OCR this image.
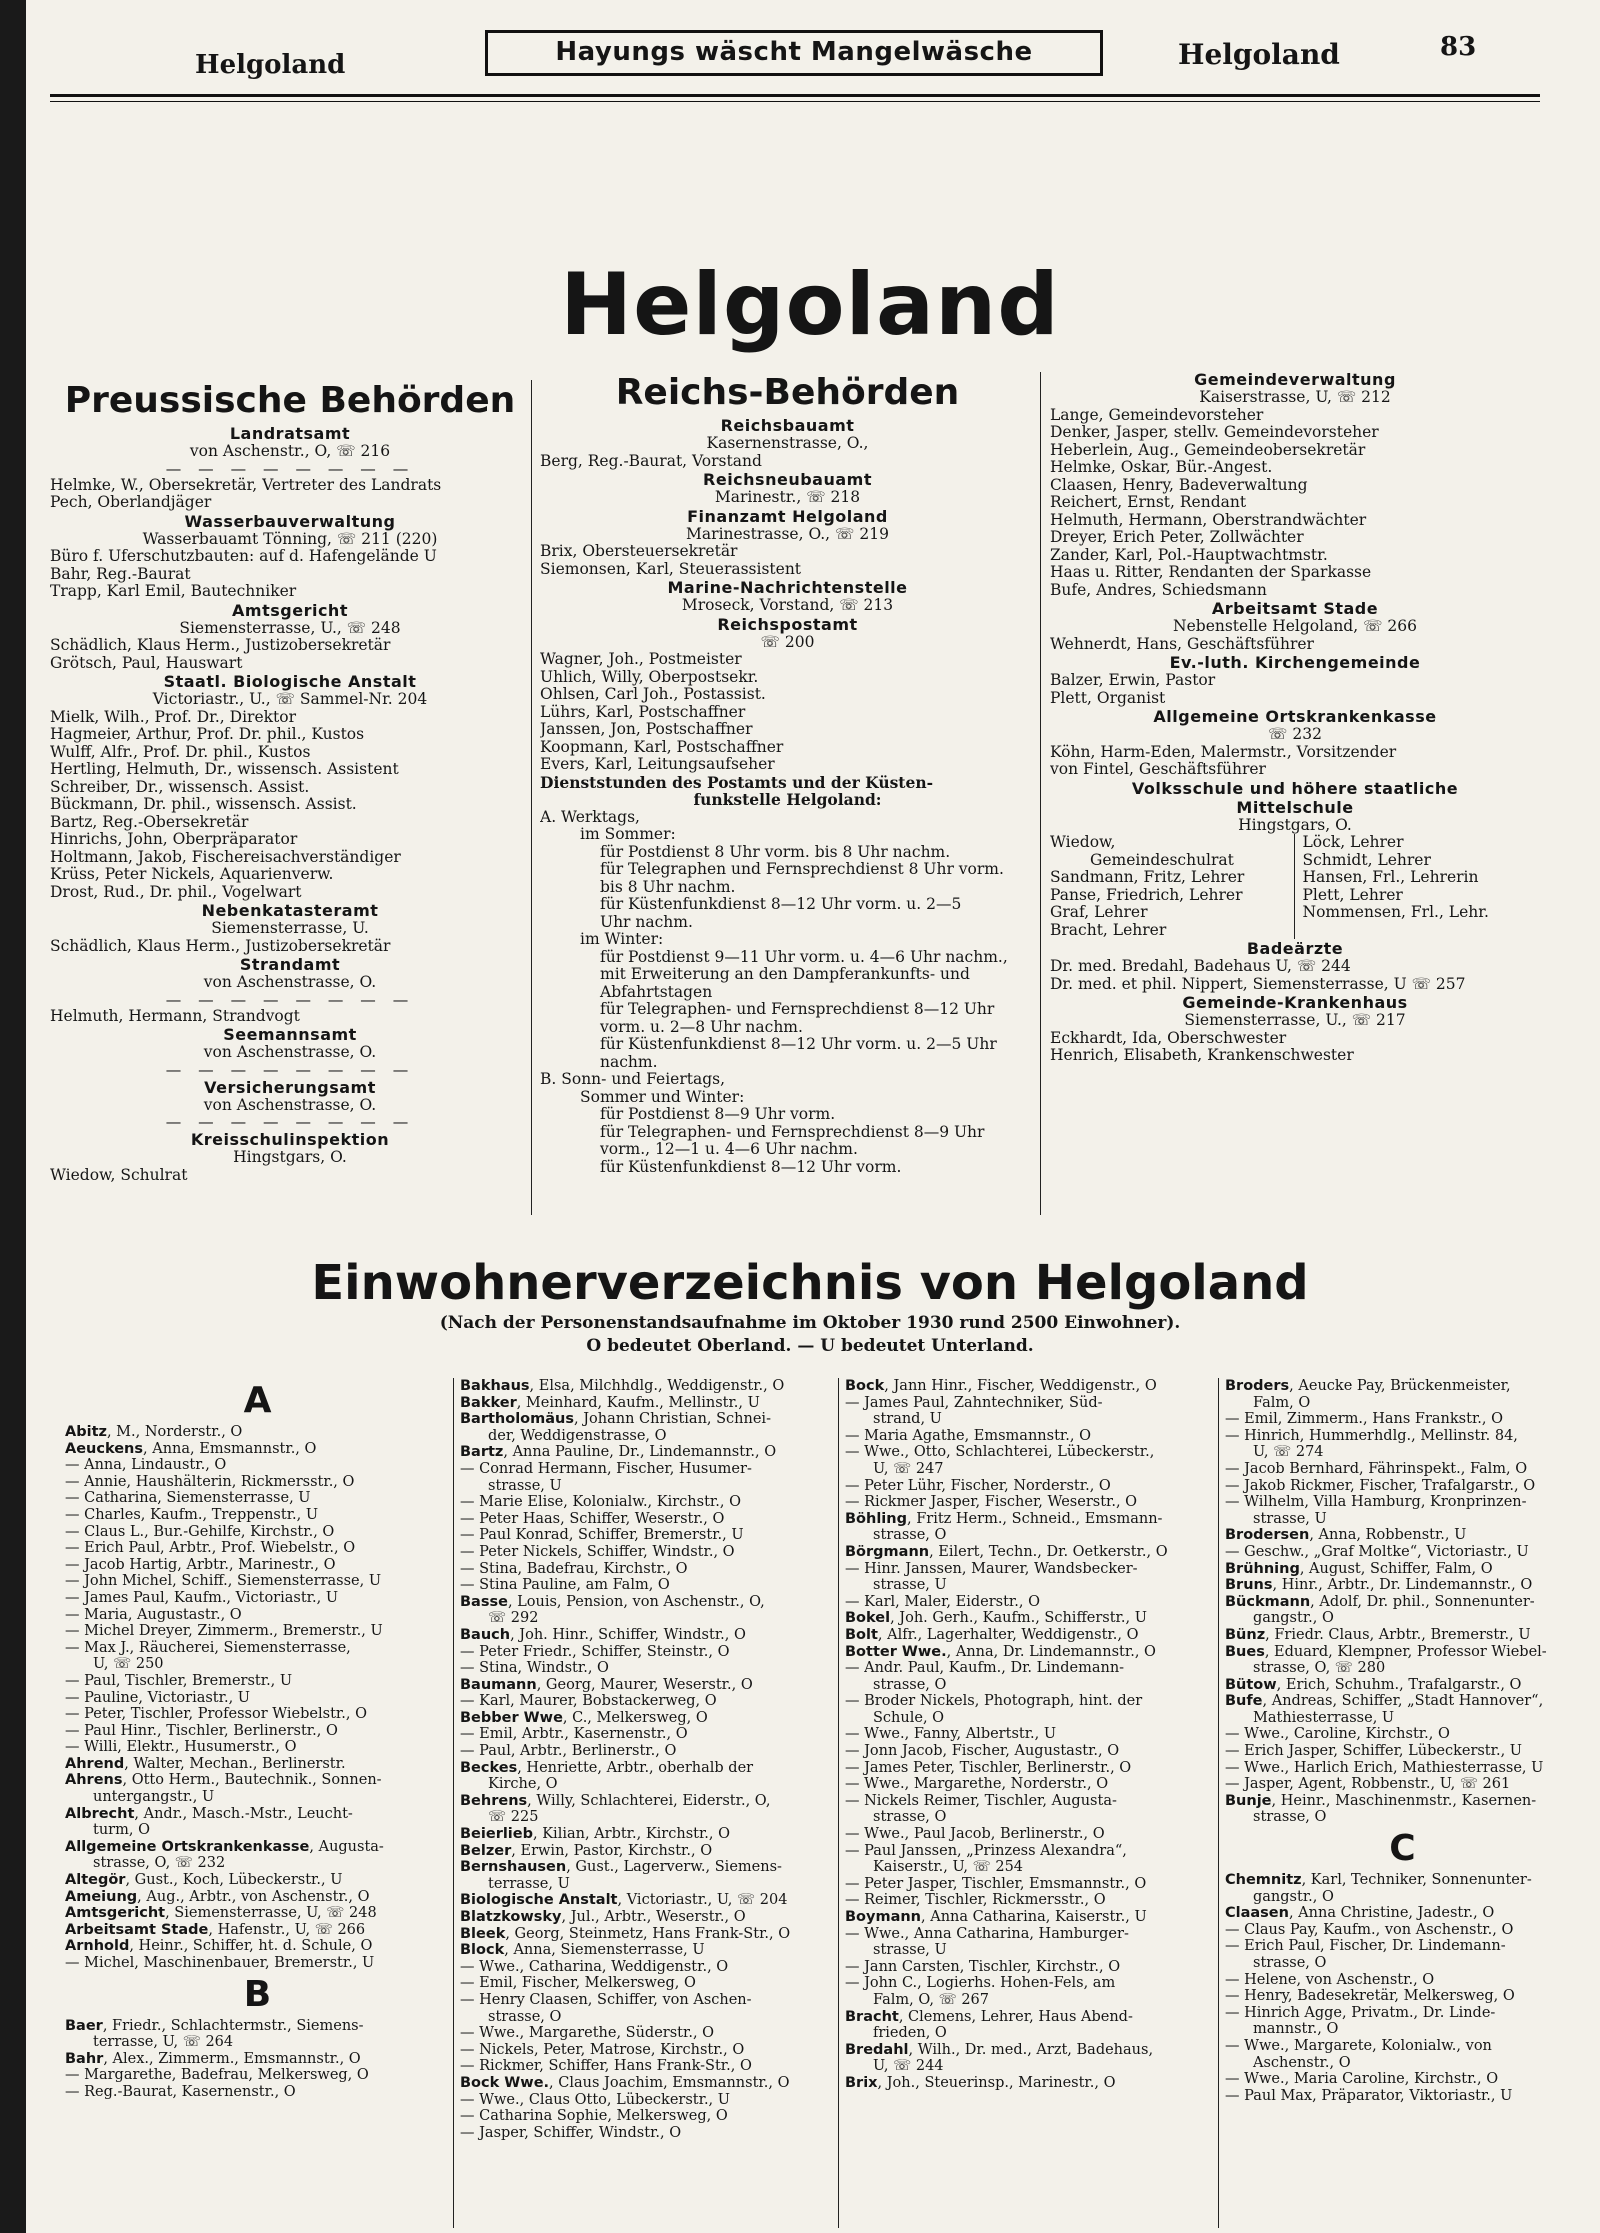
Helgoland	Hayungs wäscht Mangelwäsche	Helgoland	83
Helgoland
Preussische Behörden
Landratsamt
von Aschenstr., O, ☏ 216
— — — — — — — —
Helmke, W., Obersekretär, Vertreter des Landrats
Pech, Oberlandjäger
Wasserbauverwaltung
Wasserbauamt Tönning, ☏ 211 (220)
Büro f. Uferschutzbauten: auf d. Hafengelände U
Bahr, Reg.-Baurat
Trapp, Karl Emil, Bautechniker
Amtsgericht
Siemensterrasse, U., ☏ 248
Schädlich, Klaus Herm., Justizobersekretär
Grötsch, Paul, Hauswart
Staatl. Biologische Anstalt
Victoriastr., U., ☏ Sammel-Nr. 204
Mielk, Wilh., Prof. Dr., Direktor
Hagmeier, Arthur, Prof. Dr. phil., Kustos
Wulff, Alfr., Prof. Dr. phil., Kustos
Hertling, Helmuth, Dr., wissensch. Assistent
Schreiber, Dr., wissensch. Assist.
Bückmann, Dr. phil., wissensch. Assist.
Bartz, Reg.-Obersekretär
Hinrichs, John, Oberpräparator
Holtmann, Jakob, Fischereisachverständiger
Krüss, Peter Nickels, Aquarienverw.
Drost, Rud., Dr. phil., Vogelwart
Nebenkatasteramt
Siemensterrasse, U.
Schädlich, Klaus Herm., Justizobersekretär
Strandamt
von Aschenstrasse, O.
— — — — — — — —
Helmuth, Hermann, Strandvogt
Seemannsamt
von Aschenstrasse, O.
— — — — — — — —
Versicherungsamt
von Aschenstrasse, O.
— — — — — — — —
Kreisschulinspektion
Hingstgars, O.
Wiedow, Schulrat
Reichs-Behörden
Reichsbauamt
Kasernenstrasse, O.,
Berg, Reg.-Baurat, Vorstand
Reichsneubauamt
Marinestr., ☏ 218
Finanzamt Helgoland
Marinestrasse, O., ☏ 219
Brix, Obersteuersekretär
Siemonsen, Karl, Steuerassistent
Marine-Nachrichtenstelle
Mroseck, Vorstand, ☏ 213
Reichspostamt
☏ 200
Wagner, Joh., Postmeister
Uhlich, Willy, Oberpostsekr.
Ohlsen, Carl Joh., Postassist.
Lührs, Karl, Postschaffner
Janssen, Jon, Postschaffner
Koopmann, Karl, Postschaffner
Evers, Karl, Leitungsaufseher
Dienststunden des Postamts und der Küsten-
funkstelle Helgoland:
A. Werktags,
im Sommer:
für Postdienst 8 Uhr vorm. bis 8 Uhr nachm.
für Telegraphen und Fernsprechdienst 8 Uhr vorm.
bis 8 Uhr nachm.
für Küstenfunkdienst 8—12 Uhr vorm. u. 2—5
Uhr nachm.
im Winter:
für Postdienst 9—11 Uhr vorm. u. 4—6 Uhr nachm.,
mit Erweiterung an den Dampferankunfts- und
Abfahrtstagen
für Telegraphen- und Fernsprechdienst 8—12 Uhr
vorm. u. 2—8 Uhr nachm.
für Küstenfunkdienst 8—12 Uhr vorm. u. 2—5 Uhr
nachm.
B. Sonn- und Feiertags,
Sommer und Winter:
für Postdienst 8—9 Uhr vorm.
für Telegraphen- und Fernsprechdienst 8—9 Uhr
vorm., 12—1 u. 4—6 Uhr nachm.
für Küstenfunkdienst 8—12 Uhr vorm.
Gemeindeverwaltung
Kaiserstrasse, U, ☏ 212
Lange, Gemeindevorsteher
Denker, Jasper, stellv. Gemeindevorsteher
Heberlein, Aug., Gemeindeobersekretär
Helmke, Oskar, Bür.-Angest.
Claasen, Henry, Badeverwaltung
Reichert, Ernst, Rendant
Helmuth, Hermann, Oberstrandwächter
Dreyer, Erich Peter, Zollwächter
Zander, Karl, Pol.-Hauptwachtmstr.
Haas u. Ritter, Rendanten der Sparkasse
Bufe, Andres, Schiedsmann
Arbeitsamt Stade
Nebenstelle Helgoland, ☏ 266
Wehnerdt, Hans, Geschäftsführer
Ev.-luth. Kirchengemeinde
Balzer, Erwin, Pastor
Plett, Organist
Allgemeine Ortskrankenkasse
☏ 232
Köhn, Harm-Eden, Malermstr., Vorsitzender
von Fintel, Geschäftsführer
Volksschule und höhere staatliche
Mittelschule
Hingstgars, O.
Wiedow,
Gemeindeschulrat
Sandmann, Fritz, Lehrer
Panse, Friedrich, Lehrer
Graf, Lehrer
Bracht, Lehrer
Löck, Lehrer
Schmidt, Lehrer
Hansen, Frl., Lehrerin
Plett, Lehrer
Nommensen, Frl., Lehr.
Badeärzte
Dr. med. Bredahl, Badehaus U, ☏ 244
Dr. med. et phil. Nippert, Siemensterrasse, U ☏ 257
Gemeinde-Krankenhaus
Siemensterrasse, U., ☏ 217
Eckhardt, Ida, Oberschwester
Henrich, Elisabeth, Krankenschwester
Einwohnerverzeichnis von Helgoland
(Nach der Personenstandsaufnahme im Oktober 1930 rund 2500 Einwohner).
O bedeutet Oberland. — U bedeutet Unterland.
A
Abitz, M., Norderstr., O
Aeuckens, Anna, Emsmannstr., O
— Anna, Lindaustr., O
— Annie, Haushälterin, Rickmersstr., O
— Catharina, Siemensterrasse, U
— Charles, Kaufm., Treppenstr., U
— Claus L., Bur.-Gehilfe, Kirchstr., O
— Erich Paul, Arbtr., Prof. Wiebelstr., O
— Jacob Hartig, Arbtr., Marinestr., O
— John Michel, Schiff., Siemensterrasse, U
— James Paul, Kaufm., Victoriastr., U
— Maria, Augustastr., O
— Michel Dreyer, Zimmerm., Bremerstr., U
— Max J., Räucherei, Siemensterrasse,
U, ☏ 250
— Paul, Tischler, Bremerstr., U
— Pauline, Victoriastr., U
— Peter, Tischler, Professor Wiebelstr., O
— Paul Hinr., Tischler, Berlinerstr., O
— Willi, Elektr., Husumerstr., O
Ahrend, Walter, Mechan., Berlinerstr.
Ahrens, Otto Herm., Bautechnik., Sonnen-
untergangstr., U
Albrecht, Andr., Masch.-Mstr., Leucht-
turm, O
Allgemeine Ortskrankenkasse, Augusta-
strasse, O, ☏ 232
Altegör, Gust., Koch, Lübeckerstr., U
Ameiung, Aug., Arbtr., von Aschenstr., O
Amtsgericht, Siemensterrasse, U, ☏ 248
Arbeitsamt Stade, Hafenstr., U, ☏ 266
Arnhold, Heinr., Schiffer, ht. d. Schule, O
— Michel, Maschinenbauer, Bremerstr., U
B
Baer, Friedr., Schlachtermstr., Siemens-
terrasse, U, ☏ 264
Bahr, Alex., Zimmerm., Emsmannstr., O
— Margarethe, Badefrau, Melkersweg, O
— Reg.-Baurat, Kasernenstr., O
Bakhaus, Elsa, Milchhdlg., Weddigenstr., O
Bakker, Meinhard, Kaufm., Mellinstr., U
Bartholomäus, Johann Christian, Schnei-
der, Weddigenstrasse, O
Bartz, Anna Pauline, Dr., Lindemannstr., O
— Conrad Hermann, Fischer, Husumer-
strasse, U
— Marie Elise, Kolonialw., Kirchstr., O
— Peter Haas, Schiffer, Weserstr., O
— Paul Konrad, Schiffer, Bremerstr., U
— Peter Nickels, Schiffer, Windstr., O
— Stina, Badefrau, Kirchstr., O
— Stina Pauline, am Falm, O
Basse, Louis, Pension, von Aschenstr., O,
☏ 292
Bauch, Joh. Hinr., Schiffer, Windstr., O
— Peter Friedr., Schiffer, Steinstr., O
— Stina, Windstr., O
Baumann, Georg, Maurer, Weserstr., O
— Karl, Maurer, Bobstackerweg, O
Bebber Wwe, C., Melkersweg, O
— Emil, Arbtr., Kasernenstr., O
— Paul, Arbtr., Berlinerstr., O
Beckes, Henriette, Arbtr., oberhalb der
Kirche, O
Behrens, Willy, Schlachterei, Eiderstr., O,
☏ 225
Beierlieb, Kilian, Arbtr., Kirchstr., O
Belzer, Erwin, Pastor, Kirchstr., O
Bernshausen, Gust., Lagerverw., Siemens-
terrasse, U
Biologische Anstalt, Victoriastr., U, ☏ 204
Blatzkowsky, Jul., Arbtr., Weserstr., O
Bleek, Georg, Steinmetz, Hans Frank-Str., O
Block, Anna, Siemensterrasse, U
— Wwe., Catharina, Weddigenstr., O
— Emil, Fischer, Melkersweg, O
— Henry Claasen, Schiffer, von Aschen-
strasse, O
— Wwe., Margarethe, Süderstr., O
— Nickels, Peter, Matrose, Kirchstr., O
— Rickmer, Schiffer, Hans Frank-Str., O
Bock Wwe., Claus Joachim, Emsmannstr., O
— Wwe., Claus Otto, Lübeckerstr., U
— Catharina Sophie, Melkersweg, O
— Jasper, Schiffer, Windstr., O
Bock, Jann Hinr., Fischer, Weddigenstr., O
— James Paul, Zahntechniker, Süd-
strand, U
— Maria Agathe, Emsmannstr., O
— Wwe., Otto, Schlachterei, Lübeckerstr.,
U, ☏ 247
— Peter Lühr, Fischer, Norderstr., O
— Rickmer Jasper, Fischer, Weserstr., O
Böhling, Fritz Herm., Schneid., Emsmann-
strasse, O
Börgmann, Eilert, Techn., Dr. Oetkerstr., O
— Hinr. Janssen, Maurer, Wandsbecker-
strasse, U
— Karl, Maler, Eiderstr., O
Bokel, Joh. Gerh., Kaufm., Schifferstr., U
Bolt, Alfr., Lagerhalter, Weddigenstr., O
Botter Wwe., Anna, Dr. Lindemannstr., O
— Andr. Paul, Kaufm., Dr. Lindemann-
strasse, O
— Broder Nickels, Photograph, hint. der
Schule, O
— Wwe., Fanny, Albertstr., U
— Jonn Jacob, Fischer, Augustastr., O
— James Peter, Tischler, Berlinerstr., O
— Wwe., Margarethe, Norderstr., O
— Nickels Reimer, Tischler, Augusta-
strasse, O
— Wwe., Paul Jacob, Berlinerstr., O
— Paul Janssen, „Prinzess Alexandra“,
Kaiserstr., U, ☏ 254
— Peter Jasper, Tischler, Emsmannstr., O
— Reimer, Tischler, Rickmersstr., O
Boymann, Anna Catharina, Kaiserstr., U
— Wwe., Anna Catharina, Hamburger-
strasse, U
— Jann Carsten, Tischler, Kirchstr., O
— John C., Logierhs. Hohen-Fels, am
Falm, O, ☏ 267
Bracht, Clemens, Lehrer, Haus Abend-
frieden, O
Bredahl, Wilh., Dr. med., Arzt, Badehaus,
U, ☏ 244
Brix, Joh., Steuerinsp., Marinestr., O
Broders, Aeucke Pay, Brückenmeister,
Falm, O
— Emil, Zimmerm., Hans Frankstr., O
— Hinrich, Hummerhdlg., Mellinstr. 84,
U, ☏ 274
— Jacob Bernhard, Fährinspekt., Falm, O
— Jakob Rickmer, Fischer, Trafalgarstr., O
— Wilhelm, Villa Hamburg, Kronprinzen-
strasse, U
Brodersen, Anna, Robbenstr., U
— Geschw., „Graf Moltke“, Victoriastr., U
Brühning, August, Schiffer, Falm, O
Bruns, Hinr., Arbtr., Dr. Lindemannstr., O
Bückmann, Adolf, Dr. phil., Sonnenunter-
gangstr., O
Bünz, Friedr. Claus, Arbtr., Bremerstr., U
Bues, Eduard, Klempner, Professor Wiebel-
strasse, O, ☏ 280
Bütow, Erich, Schuhm., Trafalgarstr., O
Bufe, Andreas, Schiffer, „Stadt Hannover“,
Mathiesterrasse, U
— Wwe., Caroline, Kirchstr., O
— Erich Jasper, Schiffer, Lübeckerstr., U
— Wwe., Harlich Erich, Mathiesterrasse, U
— Jasper, Agent, Robbenstr., U, ☏ 261
Bunje, Heinr., Maschinenmstr., Kasernen-
strasse, O
C
Chemnitz, Karl, Techniker, Sonnenunter-
gangstr., O
Claasen, Anna Christine, Jadestr., O
— Claus Pay, Kaufm., von Aschenstr., O
— Erich Paul, Fischer, Dr. Lindemann-
strasse, O
— Helene, von Aschenstr., O
— Henry, Badesekretär, Melkersweg, O
— Hinrich Agge, Privatm., Dr. Linde-
mannstr., O
— Wwe., Margarete, Kolonialw., von
Aschenstr., O
— Wwe., Maria Caroline, Kirchstr., O
— Paul Max, Präparator, Viktoriastr., U
